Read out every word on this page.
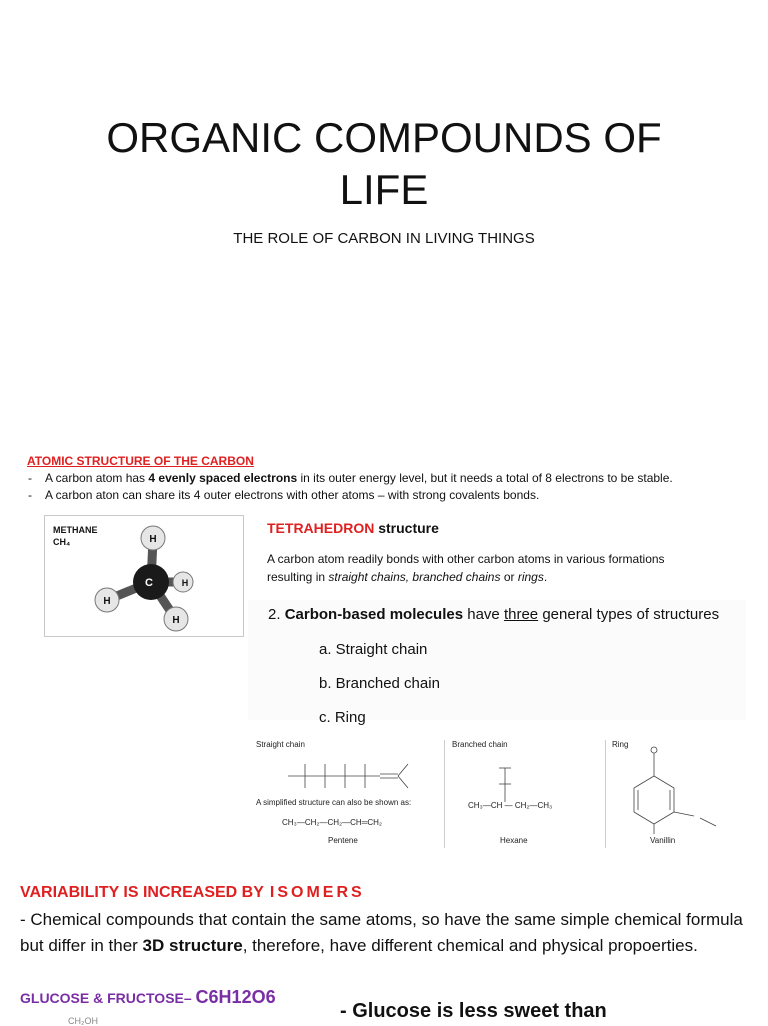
ORGANIC COMPOUNDS OF
LIFE
THE ROLE OF CARBON IN LIVING THINGS
ATOMIC STRUCTURE OF THE CARBON
- A carbon atom has 4 evenly spaced electrons in its outer energy level, but it needs a total of 8 electrons to be stable.
- A carbon aton can share its 4 outer electrons with other atoms – with strong covalents bonds.
METHANE
CH₄	H
H
C	H
H
TETRAHEDRON structure
A carbon atom readily bonds with other carbon atoms in various formations
resulting in straight chains, branched chains or rings.
2. Carbon-based molecules have three general types of structures
a. Straight chain
b. Branched chain
c. Ring
Straight chain
A simplified structure can also be shown as:
CH₃—CH₂—CH₂—CH═CH₂
Pentene
Branched chain
CH₃—CH — CH₂—CH₃
Hexane
Ring
Vanillin
VARIABILITY IS INCREASED BY ISOMERS
- Chemical compounds that contain the same atoms, so have the same simple chemical formula but differ in ther 3D structure, therefore, have different chemical and physical propoerties.
GLUCOSE & FRUCTOSE– C6H12O6
CH₂OH	- Glucose is less sweet than
